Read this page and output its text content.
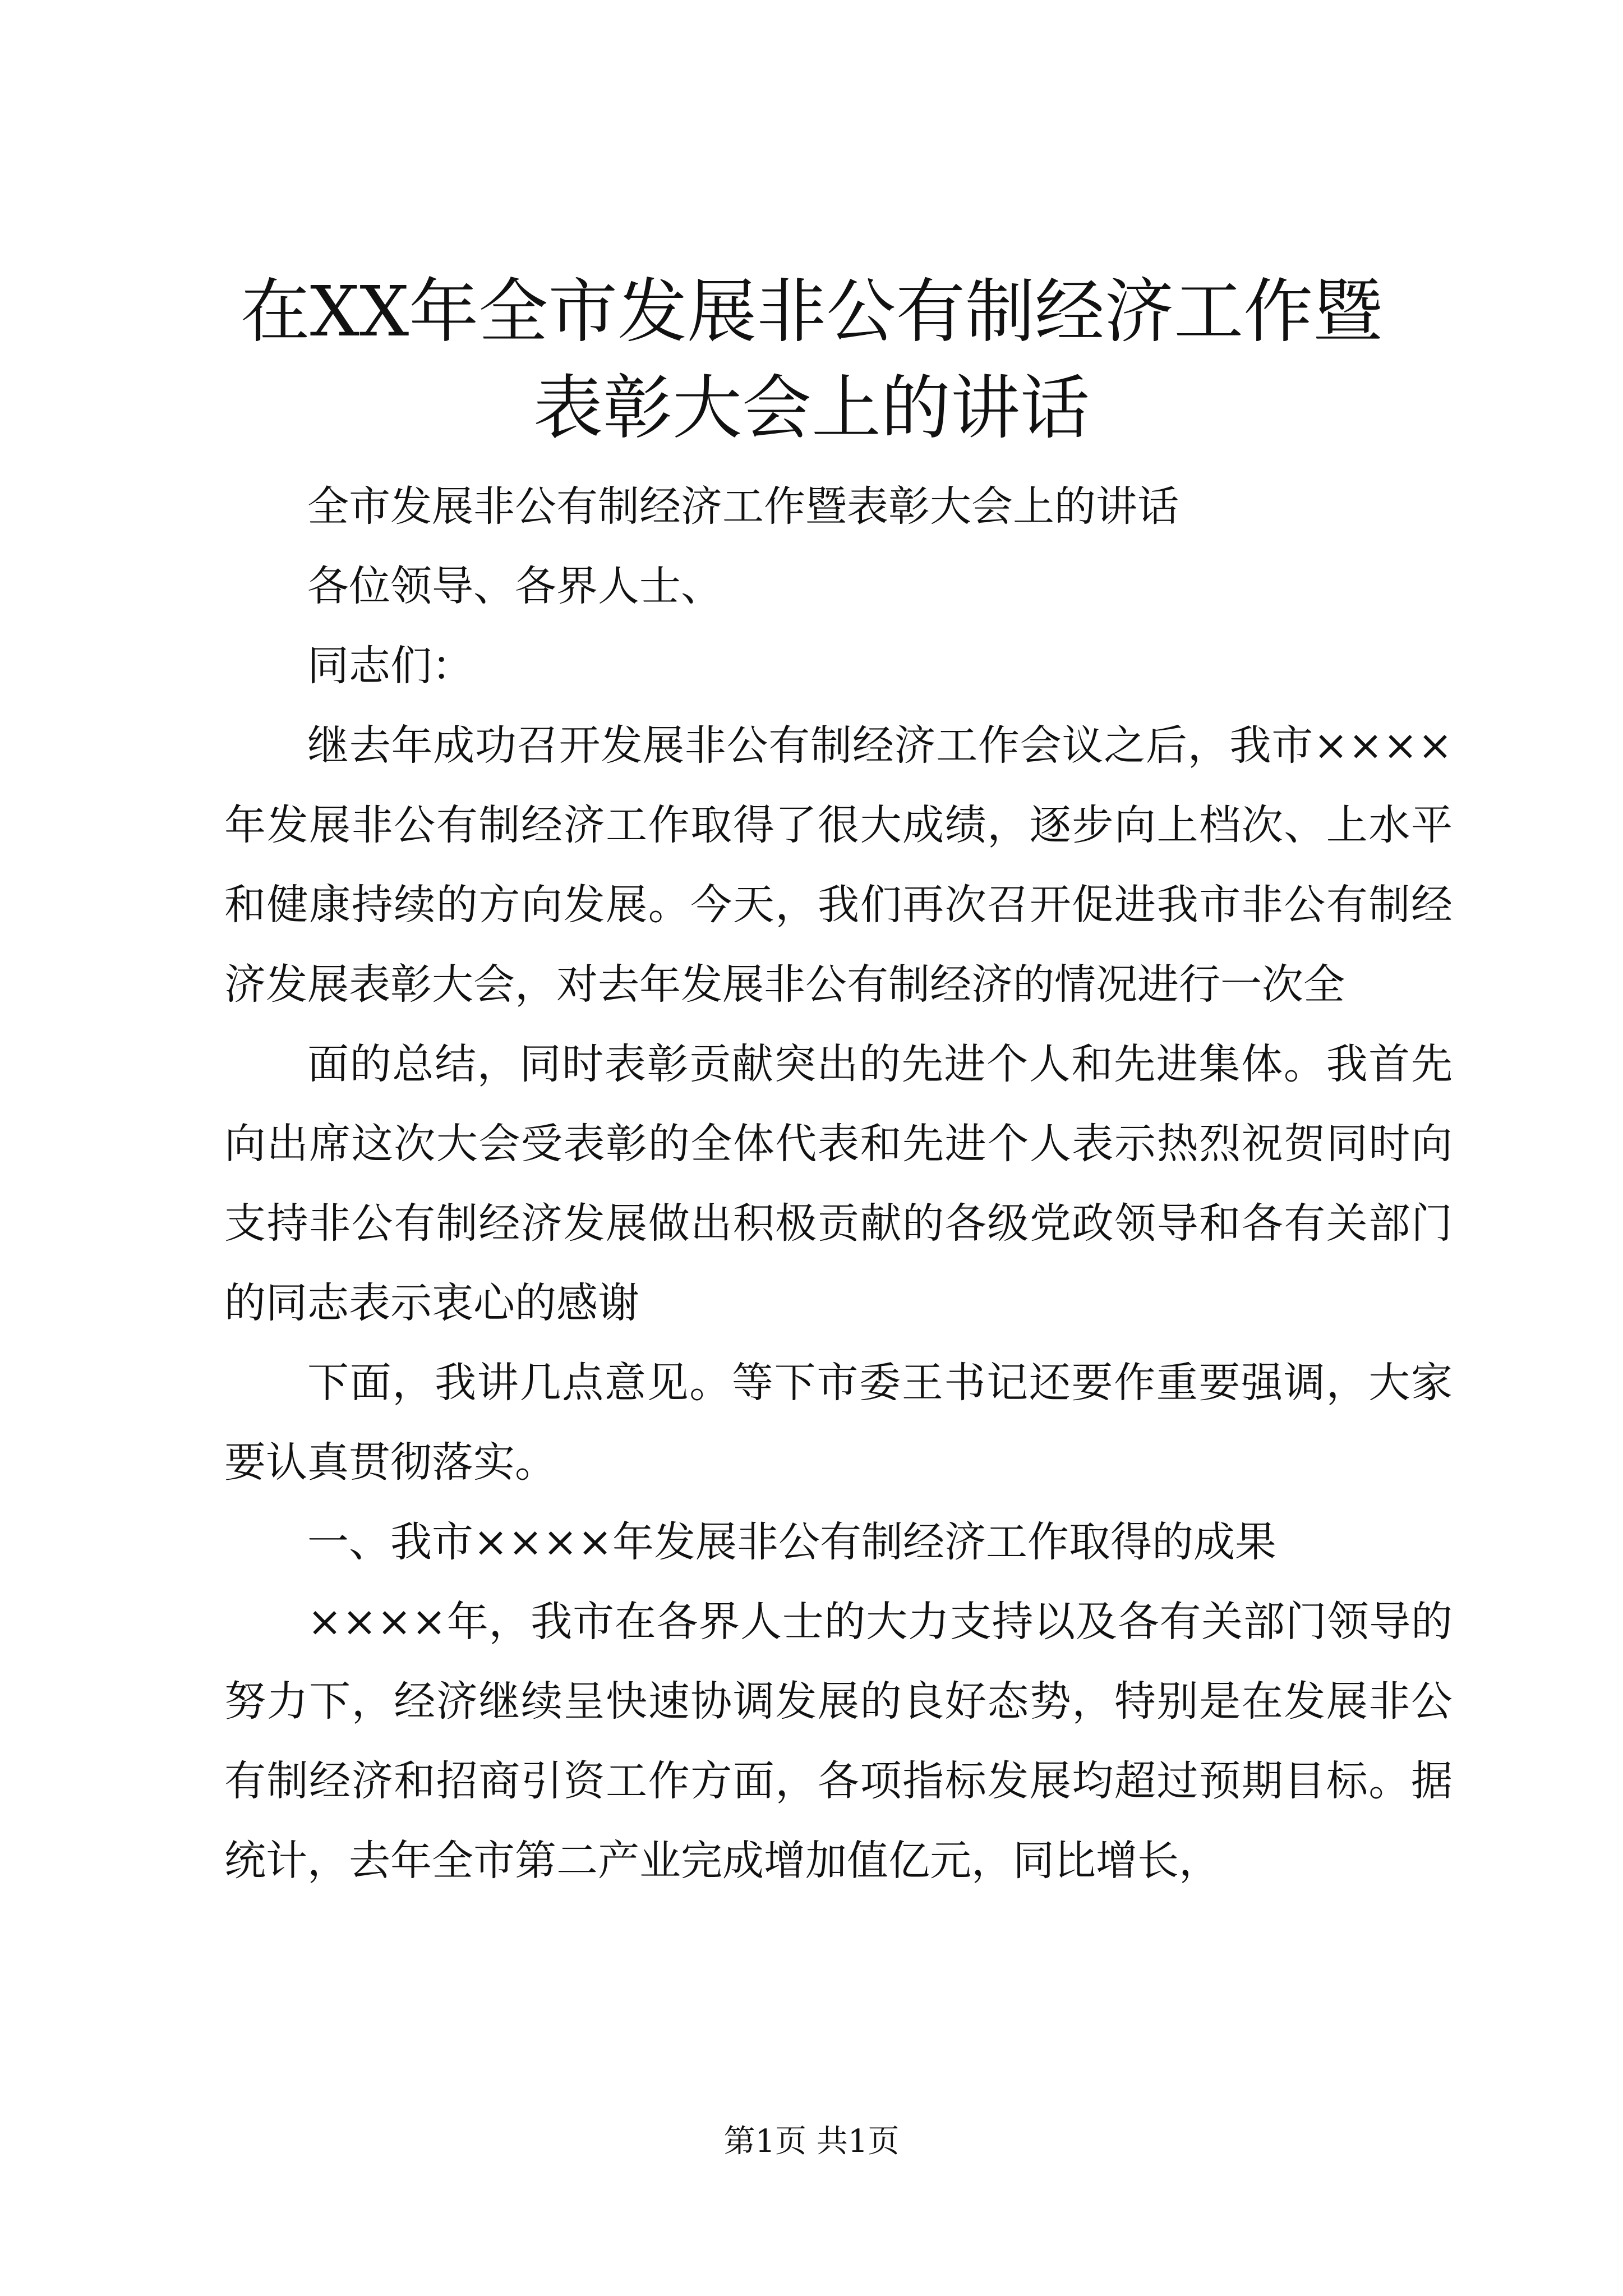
在XX年全市发展非公有制经济工作暨表彰大会上的讲话

全市发展非公有制经济工作暨表彰大会上的讲话

各位领导、各界人士、

同志们：

继去年成功召开发展非公有制经济工作会议之后，我市××××年发展非公有制经济工作取得了很大成绩，逐步向上档次、上水平和健康持续的方向发展。今天，我们再次召开促进我市非公有制经济发展表彰大会，对去年发展非公有制经济的情况进行一次全

面的总结，同时表彰贡献突出的先进个人和先进集体。我首先向出席这次大会受表彰的全体代表和先进个人表示热烈祝贺同时向支持非公有制经济发展做出积极贡献的各级党政领导和各有关部门的同志表示衷心的感谢

下面，我讲几点意见。等下市委王书记还要作重要强调，大家要认真贯彻落实。

一、我市××××年发展非公有制经济工作取得的成果

××××年，我市在各界人士的大力支持以及各有关部门领导的努力下，经济继续呈快速协调发展的良好态势，特别是在发展非公有制经济和招商引资工作方面，各项指标发展均超过预期目标。据统计，去年全市第二产业完成增加值亿元，同比增长，

第1页 共1页
